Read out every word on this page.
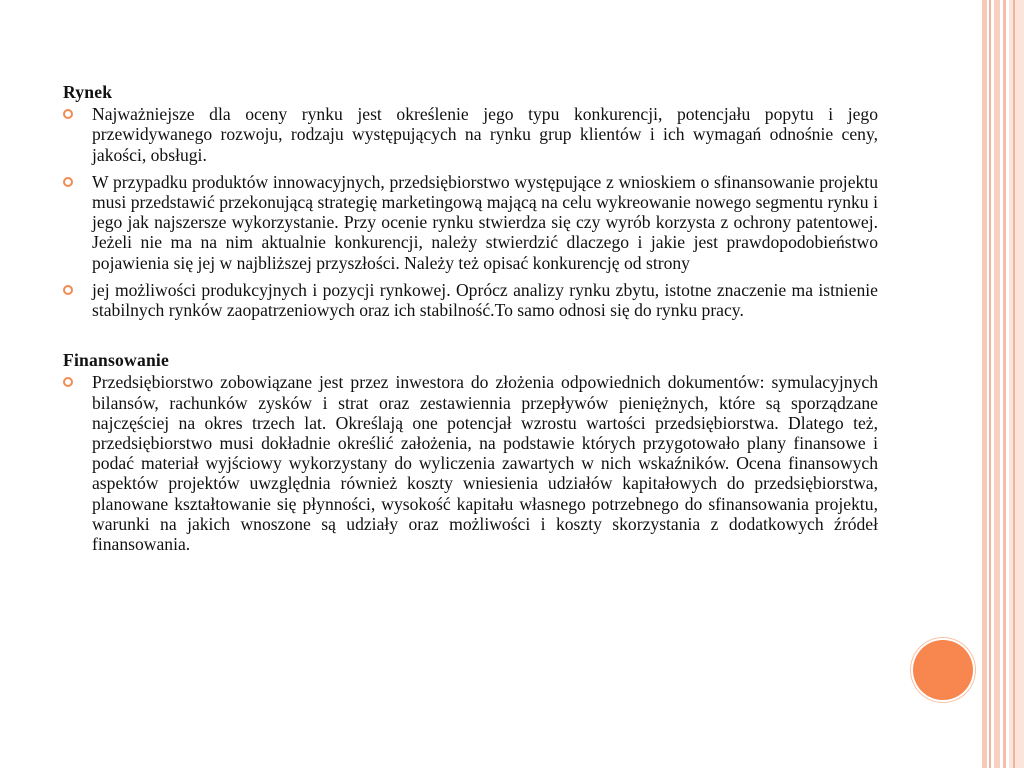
Rynek
Najważniejsze dla oceny rynku jest określenie jego typu konkurencji, potencjału popytu i jego przewidywanego rozwoju, rodzaju występujących na rynku grup klientów i ich wymagań odnośnie ceny, jakości, obsługi.
W przypadku produktów innowacyjnych, przedsiębiorstwo występujące z wnioskiem o sfinansowanie projektu musi przedstawić przekonującą strategię marketingową mającą na celu wykreowanie nowego segmentu rynku i jego jak najszersze wykorzystanie. Przy ocenie rynku stwierdza się czy wyrób korzysta z ochrony patentowej. Jeżeli nie ma na nim aktualnie konkurencji, należy stwierdzić dlaczego i jakie jest prawdopodobieństwo pojawienia się jej w najbliższej przyszłości. Należy też opisać konkurencję od strony
jej możliwości produkcyjnych i pozycji rynkowej. Oprócz analizy rynku zbytu, istotne znaczenie ma istnienie stabilnych rynków zaopatrzeniowych oraz ich stabilność.To samo odnosi się do rynku pracy.
Finansowanie
Przedsiębiorstwo zobowiązane jest przez inwestora do złożenia odpowiednich dokumentów: symulacyjnych bilansów, rachunków zysków i strat oraz zestawiennia przepływów pieniężnych, które są sporządzane najczęściej na okres trzech lat. Określają one potencjał wzrostu wartości przedsiębiorstwa. Dlatego też, przedsiębiorstwo musi dokładnie określić założenia, na podstawie których przygotowało plany finansowe i podać materiał wyjściowy wykorzystany do wyliczenia zawartych w nich wskaźników. Ocena finansowych aspektów projektów uwzględnia również koszty wniesienia udziałów kapitałowych do przedsiębiorstwa, planowane kształtowanie się płynności, wysokość kapitału własnego potrzebnego do sfinansowania projektu, warunki na jakich wnoszone są udziały oraz możliwości i koszty skorzystania z dodatkowych źródeł finansowania.
